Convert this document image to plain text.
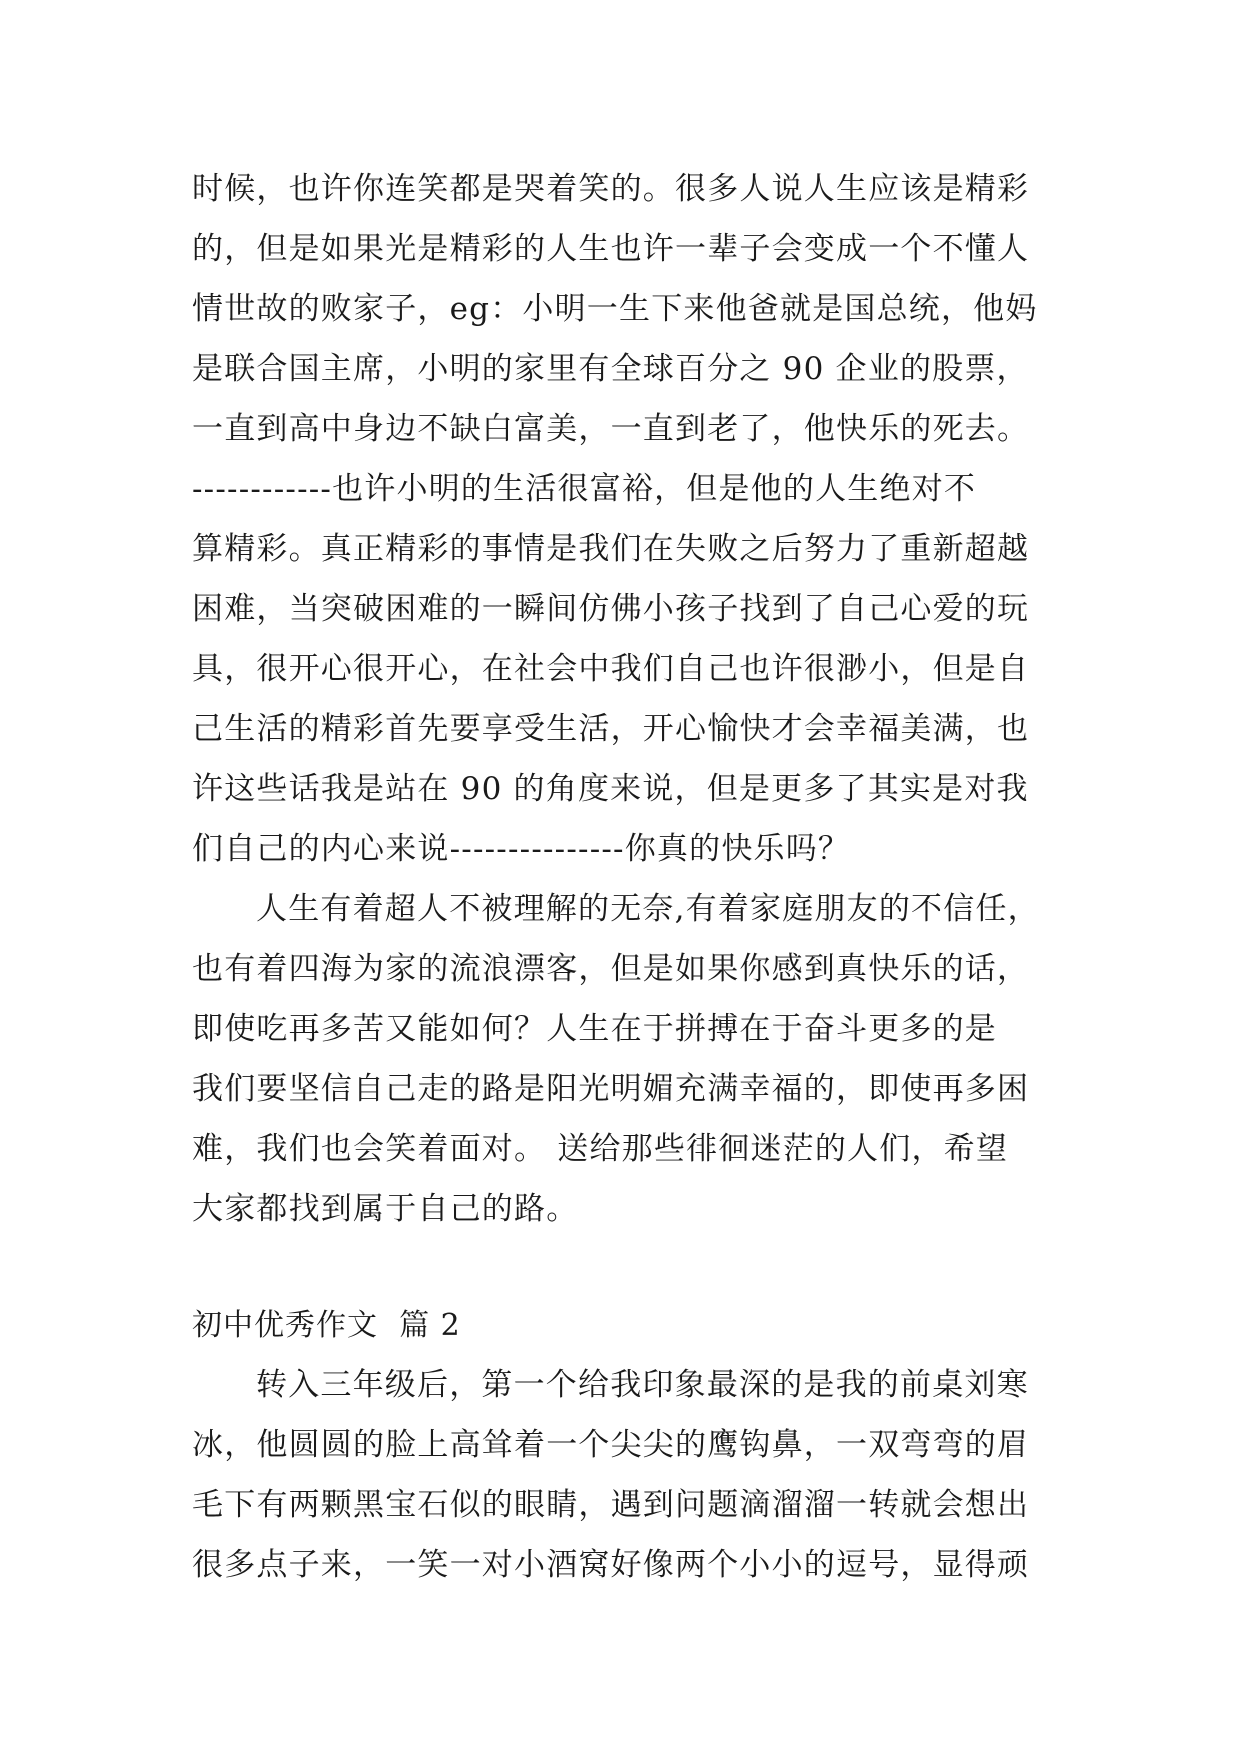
时候，也许你连笑都是哭着笑的。很多人说人生应该是精彩
的，但是如果光是精彩的人生也许一辈子会变成一个不懂人
情世故的败家子，eg：小明一生下来他爸就是国总统，他妈
是联合国主席，小明的家里有全球百分之 90 企业的股票，
一直到高中身边不缺白富美，一直到老了，他快乐的死去。
------------也许小明的生活很富裕，但是他的人生绝对不
算精彩。真正精彩的事情是我们在失败之后努力了重新超越
困难，当突破困难的一瞬间仿佛小孩子找到了自己心爱的玩
具，很开心很开心，在社会中我们自己也许很渺小，但是自
己生活的精彩首先要享受生活，开心愉快才会幸福美满，也
许这些话我是站在 90 的角度来说，但是更多了其实是对我
们自己的内心来说---------------你真的快乐吗？
人生有着超人不被理解的无奈,有着家庭朋友的不信任，
也有着四海为家的流浪漂客，但是如果你感到真快乐的话，
即使吃再多苦又能如何？人生在于拼搏在于奋斗更多的是
我们要坚信自己走的路是阳光明媚充满幸福的，即使再多困
难，我们也会笑着面对。 送给那些徘徊迷茫的人们，希望
大家都找到属于自己的路。
初中优秀作文  篇 2
转入三年级后，第一个给我印象最深的是我的前桌刘寒
冰，他圆圆的脸上高耸着一个尖尖的鹰钩鼻，一双弯弯的眉
毛下有两颗黑宝石似的眼睛，遇到问题滴溜溜一转就会想出
很多点子来，一笑一对小酒窝好像两个小小的逗号，显得顽
